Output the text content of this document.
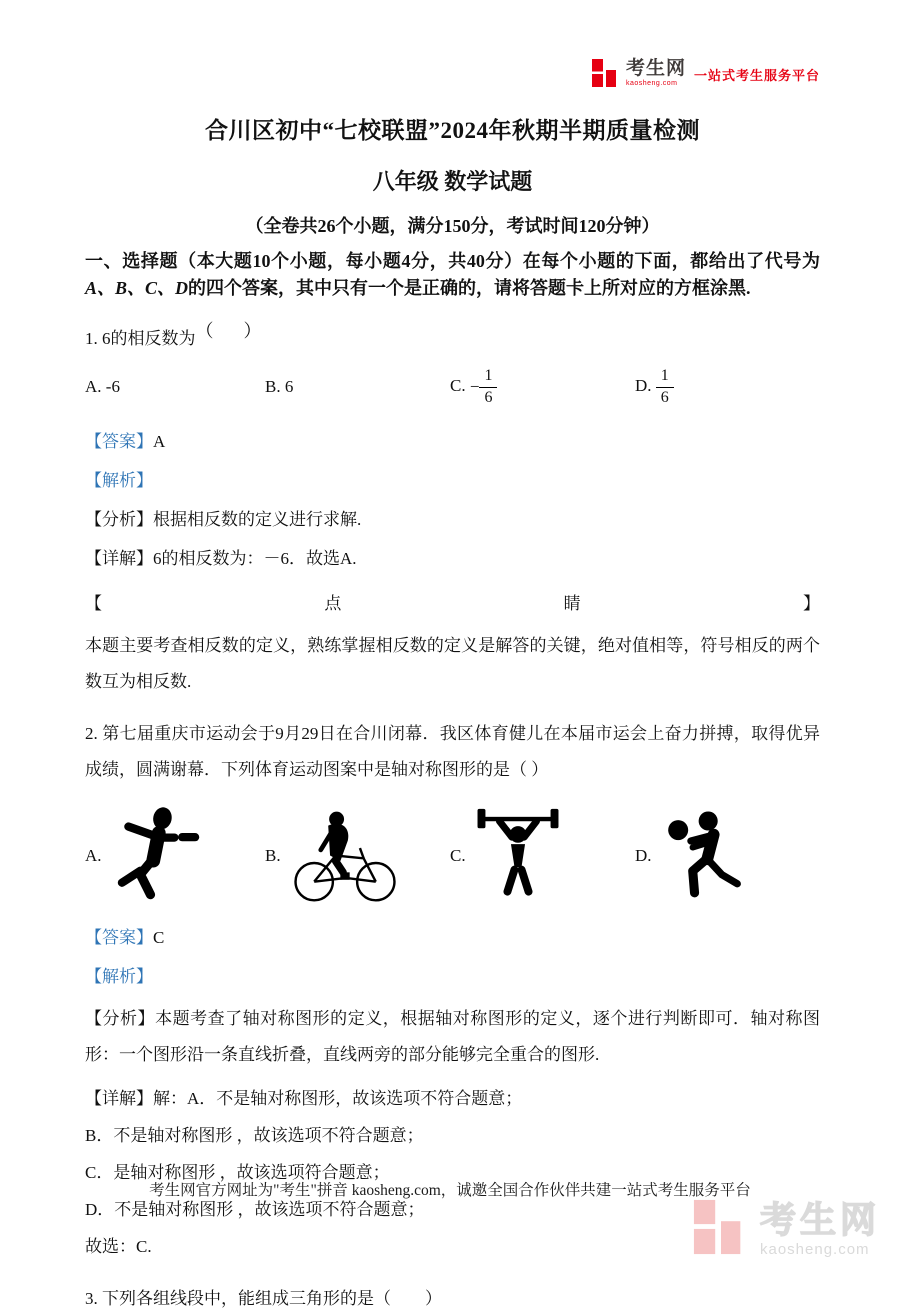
考生网
kaosheng.com
一站式考生服务平台
合川区初中“七校联盟”2024年秋期半期质量检测
八年级 数学试题
（全卷共26个小题，满分150分，考试时间120分钟）
一、选择题（本大题10个小题，每小题4分，共40分）在每个小题的下面，都给出了代号为A、B、C、D的四个答案，其中只有一个是正确的，请将答题卡上所对应的方框涂黑.
1. 6的相反数为（ ）
A. -6	B. 6	C. − $\frac{1}{6}$	D. $\frac{1}{6}$
【答案】A
【解析】
【分析】根据相反数的定义进行求解.
【详解】6的相反数为：－6．故选A.
【	点	睛	】
本题主要考查相反数的定义，熟练掌握相反数的定义是解答的关键，绝对值相等，符号相反的两个数互为相反数.
2. 第七届重庆市运动会于9月29日在合川闭幕．我区体育健儿在本届市运会上奋力拼搏，取得优异成绩，圆满谢幕．下列体育运动图案中是轴对称图形的是（ ）
A.	B.	C.	D.
【答案】C
【解析】
【分析】本题考查了轴对称图形的定义，根据轴对称图形的定义，逐个进行判断即可．轴对称图形：一个图形沿一条直线折叠，直线两旁的部分能够完全重合的图形.
【详解】解：A．不是轴对称图形，故该选项不符合题意；
B．不是轴对称图形 ，故该选项不符合题意；
C．是轴对称图形 ，故该选项符合题意；
D．不是轴对称图形 ，故该选项不符合题意；
故选：C.
3. 下列各组线段中，能组成三角形的是（　　）
考生网官方网址为"考生"拼音 kaosheng.com，诚邀全国合作伙伴共建一站式考生服务平台
考生网
kaosheng.com
